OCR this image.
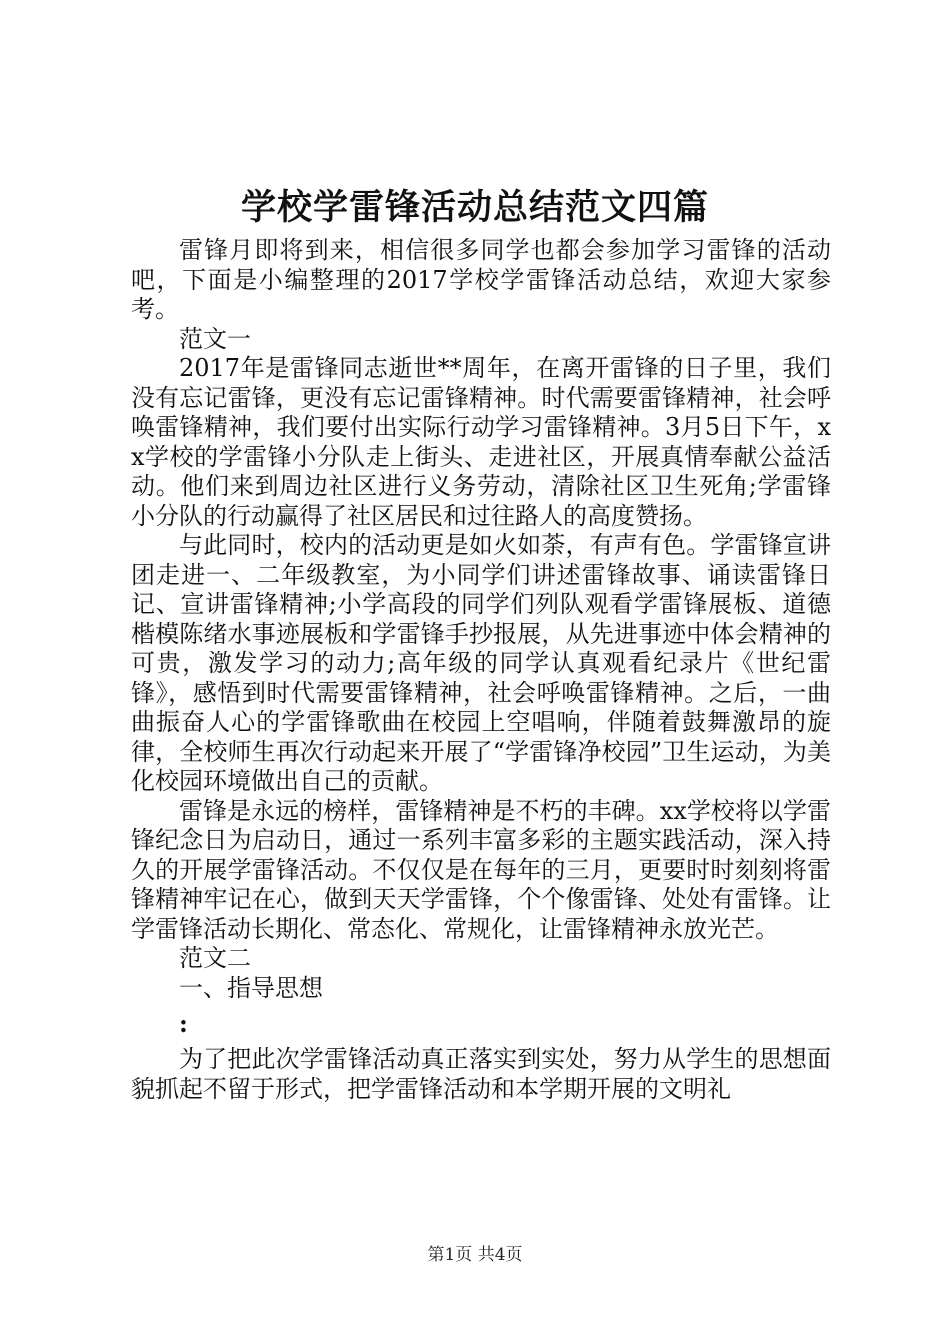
学校学雷锋活动总结范文四篇

雷锋月即将到来，相信很多同学也都会参加学习雷锋的活动吧，下面是小编整理的2017学校学雷锋活动总结，欢迎大家参考。

范文一

2017年是雷锋同志逝世**周年，在离开雷锋的日子里，我们没有忘记雷锋，更没有忘记雷锋精神。时代需要雷锋精神，社会呼唤雷锋精神，我们要付出实际行动学习雷锋精神。3月5日下午，xx学校的学雷锋小分队走上街头、走进社区，开展真情奉献公益活动。他们来到周边社区进行义务劳动，清除社区卫生死角;学雷锋小分队的行动赢得了社区居民和过往路人的高度赞扬。

与此同时，校内的活动更是如火如荼，有声有色。学雷锋宣讲团走进一、二年级教室，为小同学们讲述雷锋故事、诵读雷锋日记、宣讲雷锋精神;小学高段的同学们列队观看学雷锋展板、道德楷模陈绪水事迹展板和学雷锋手抄报展，从先进事迹中体会精神的可贵，激发学习的动力;高年级的同学认真观看纪录片《世纪雷锋》，感悟到时代需要雷锋精神，社会呼唤雷锋精神。之后，一曲曲振奋人心的学雷锋歌曲在校园上空唱响，伴随着鼓舞激昂的旋律，全校师生再次行动起来开展了“学雷锋净校园”卫生运动，为美化校园环境做出自己的贡献。

雷锋是永远的榜样，雷锋精神是不朽的丰碑。xx学校将以学雷锋纪念日为启动日，通过一系列丰富多彩的主题实践活动，深入持久的开展学雷锋活动。不仅仅是在每年的三月，更要时时刻刻将雷锋精神牢记在心，做到天天学雷锋，个个像雷锋、处处有雷锋。让学雷锋活动长期化、常态化、常规化，让雷锋精神永放光芒。

范文二

一、指导思想

:

为了把此次学雷锋活动真正落实到实处，努力从学生的思想面貌抓起不留于形式，把学雷锋活动和本学期开展的文明礼

第1页 共4页
